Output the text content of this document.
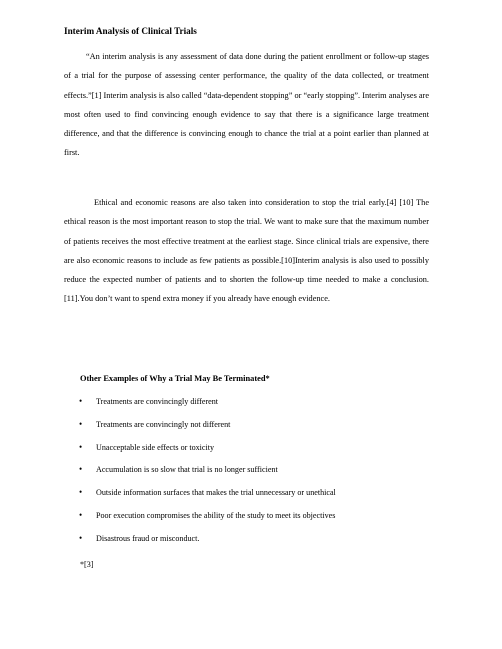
Interim Analysis of Clinical Trials

“An interim analysis is any assessment of data done during the patient enrollment or follow-up stages of a trial for the purpose of assessing center performance, the quality of the data collected, or treatment effects.”[1] Interim analysis is also called “data-dependent stopping” or “early stopping”. Interim analyses are most often used to find convincing enough evidence to say that there is a significance large treatment difference, and that the difference is convincing enough to chance the trial at a point earlier than planned at first.

Ethical and economic reasons are also taken into consideration to stop the trial early.[4] [10] The ethical reason is the most important reason to stop the trial. We want to make sure that the maximum number of patients receives the most effective treatment at the earliest stage. Since clinical trials are expensive, there are also economic reasons to include as few patients as possible.[10]Interim analysis is also used to possibly reduce the expected number of patients and to shorten the follow-up time needed to make a conclusion. [11].You don’t want to spend extra money if you already have enough evidence.

Other Examples of Why a Trial May Be Terminated*
• Treatments are convincingly different
• Treatments are convincingly not different
• Unacceptable side effects or toxicity
• Accumulation is so slow that trial is no longer sufficient
• Outside information surfaces that makes the trial unnecessary or unethical
• Poor execution compromises the ability of the study to meet its objectives
• Disastrous fraud or misconduct.
*[3]
